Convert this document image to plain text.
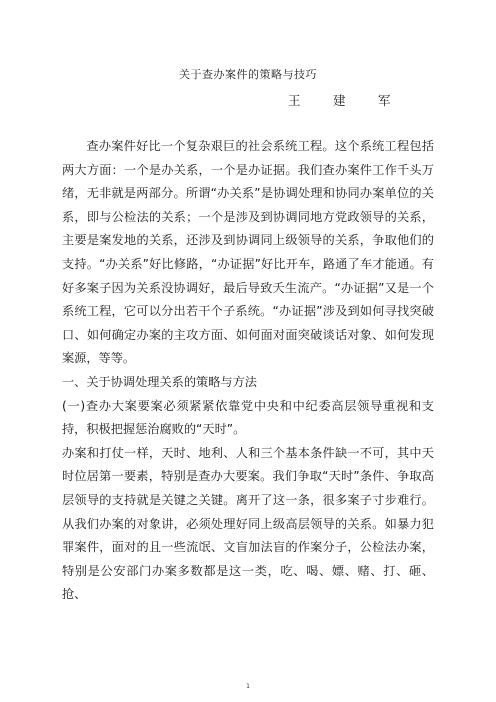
关于查办案件的策略与技巧
王　建　军

查办案件好比一个复杂艰巨的社会系统工程。这个系统工程包括两大方面：一个是办关系，一个是办证据。我们查办案件工作千头万绪，无非就是两部分。所谓“办关系”是协调处理和协同办案单位的关系，即与公检法的关系；一个是涉及到协调同地方党政领导的关系，主要是案发地的关系，还涉及到协调同上级领导的关系，争取他们的支持。“办关系”好比修路，“办证据”好比开车，路通了车才能通。有好多案子因为关系没协调好，最后导致夭生流产。“办证据”又是一个系统工程，它可以分出若干个子系统。“办证据”涉及到如何寻找突破口、如何确定办案的主攻方面、如何面对面突破谈话对象、如何发现案源，等等。

一、关于协调处理关系的策略与方法

(一)查办大案要案必须紧紧依靠党中央和中纪委高层领导重视和支持，积极把握惩治腐败的“天时”。

办案和打仗一样，天时、地利、人和三个基本条件缺一不可，其中天时位居第一要素，特别是查办大要案。我们争取“天时”条件、争取高层领导的支持就是关键之关键。离开了这一条，很多案子寸步难行。从我们办案的对象讲，必须处理好同上级高层领导的关系。如暴力犯罪案件，面对的且一些流氓、文盲加法盲的作案分子，公检法办案，特别是公安部门办案多数都是这一类，吃、喝、嫖、赌、打、砸、抢、

1
